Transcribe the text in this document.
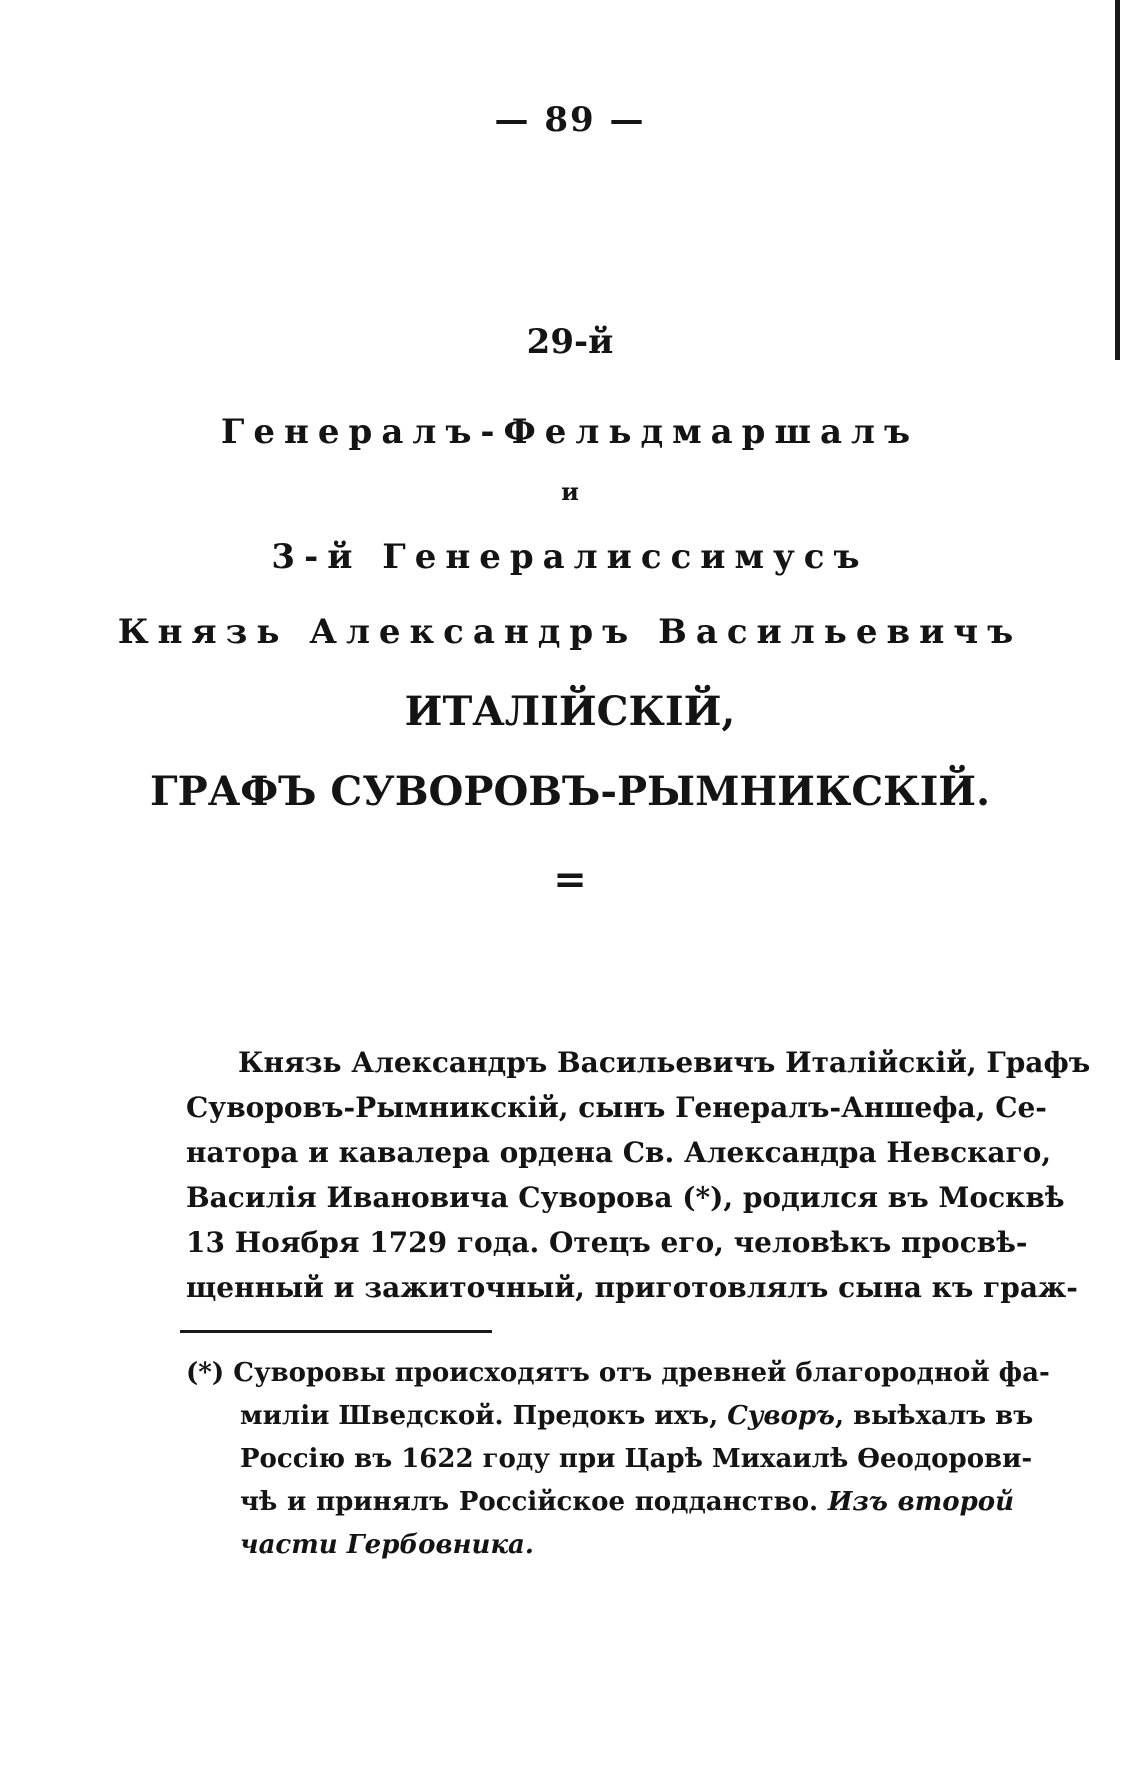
— 89 —
29-й
Генералъ-Фельдмаршалъ
и
3-й Генералиссимусъ
Князь Александръ Васильевичъ
ИТАЛІЙСКІЙ,
ГРАФЪ СУВОРОВЪ-РЫМНИКСКІЙ.
=
Князь Александръ Васильевичъ Италійскій, Графъ
Суворовъ-Рымникскій, сынъ Генералъ-Аншефа, Се-
натора и кавалера ордена Св. Александра Невскаго,
Василія Ивановича Суворова (*), родился въ Москвѣ
13 Ноября 1729 года. Отецъ его, человѣкъ просвѣ-
щенный и зажиточный, приготовлялъ сына къ граж-
(*) Суворовы происходятъ отъ древней благородной фа-
миліи Шведской. Предокъ ихъ, Суворъ, выѣхалъ въ
Россію въ 1622 году при Царѣ Михаилѣ Ѳеодорови-
чѣ и принялъ Россійское подданство. Изъ второй
части Гербовника.
